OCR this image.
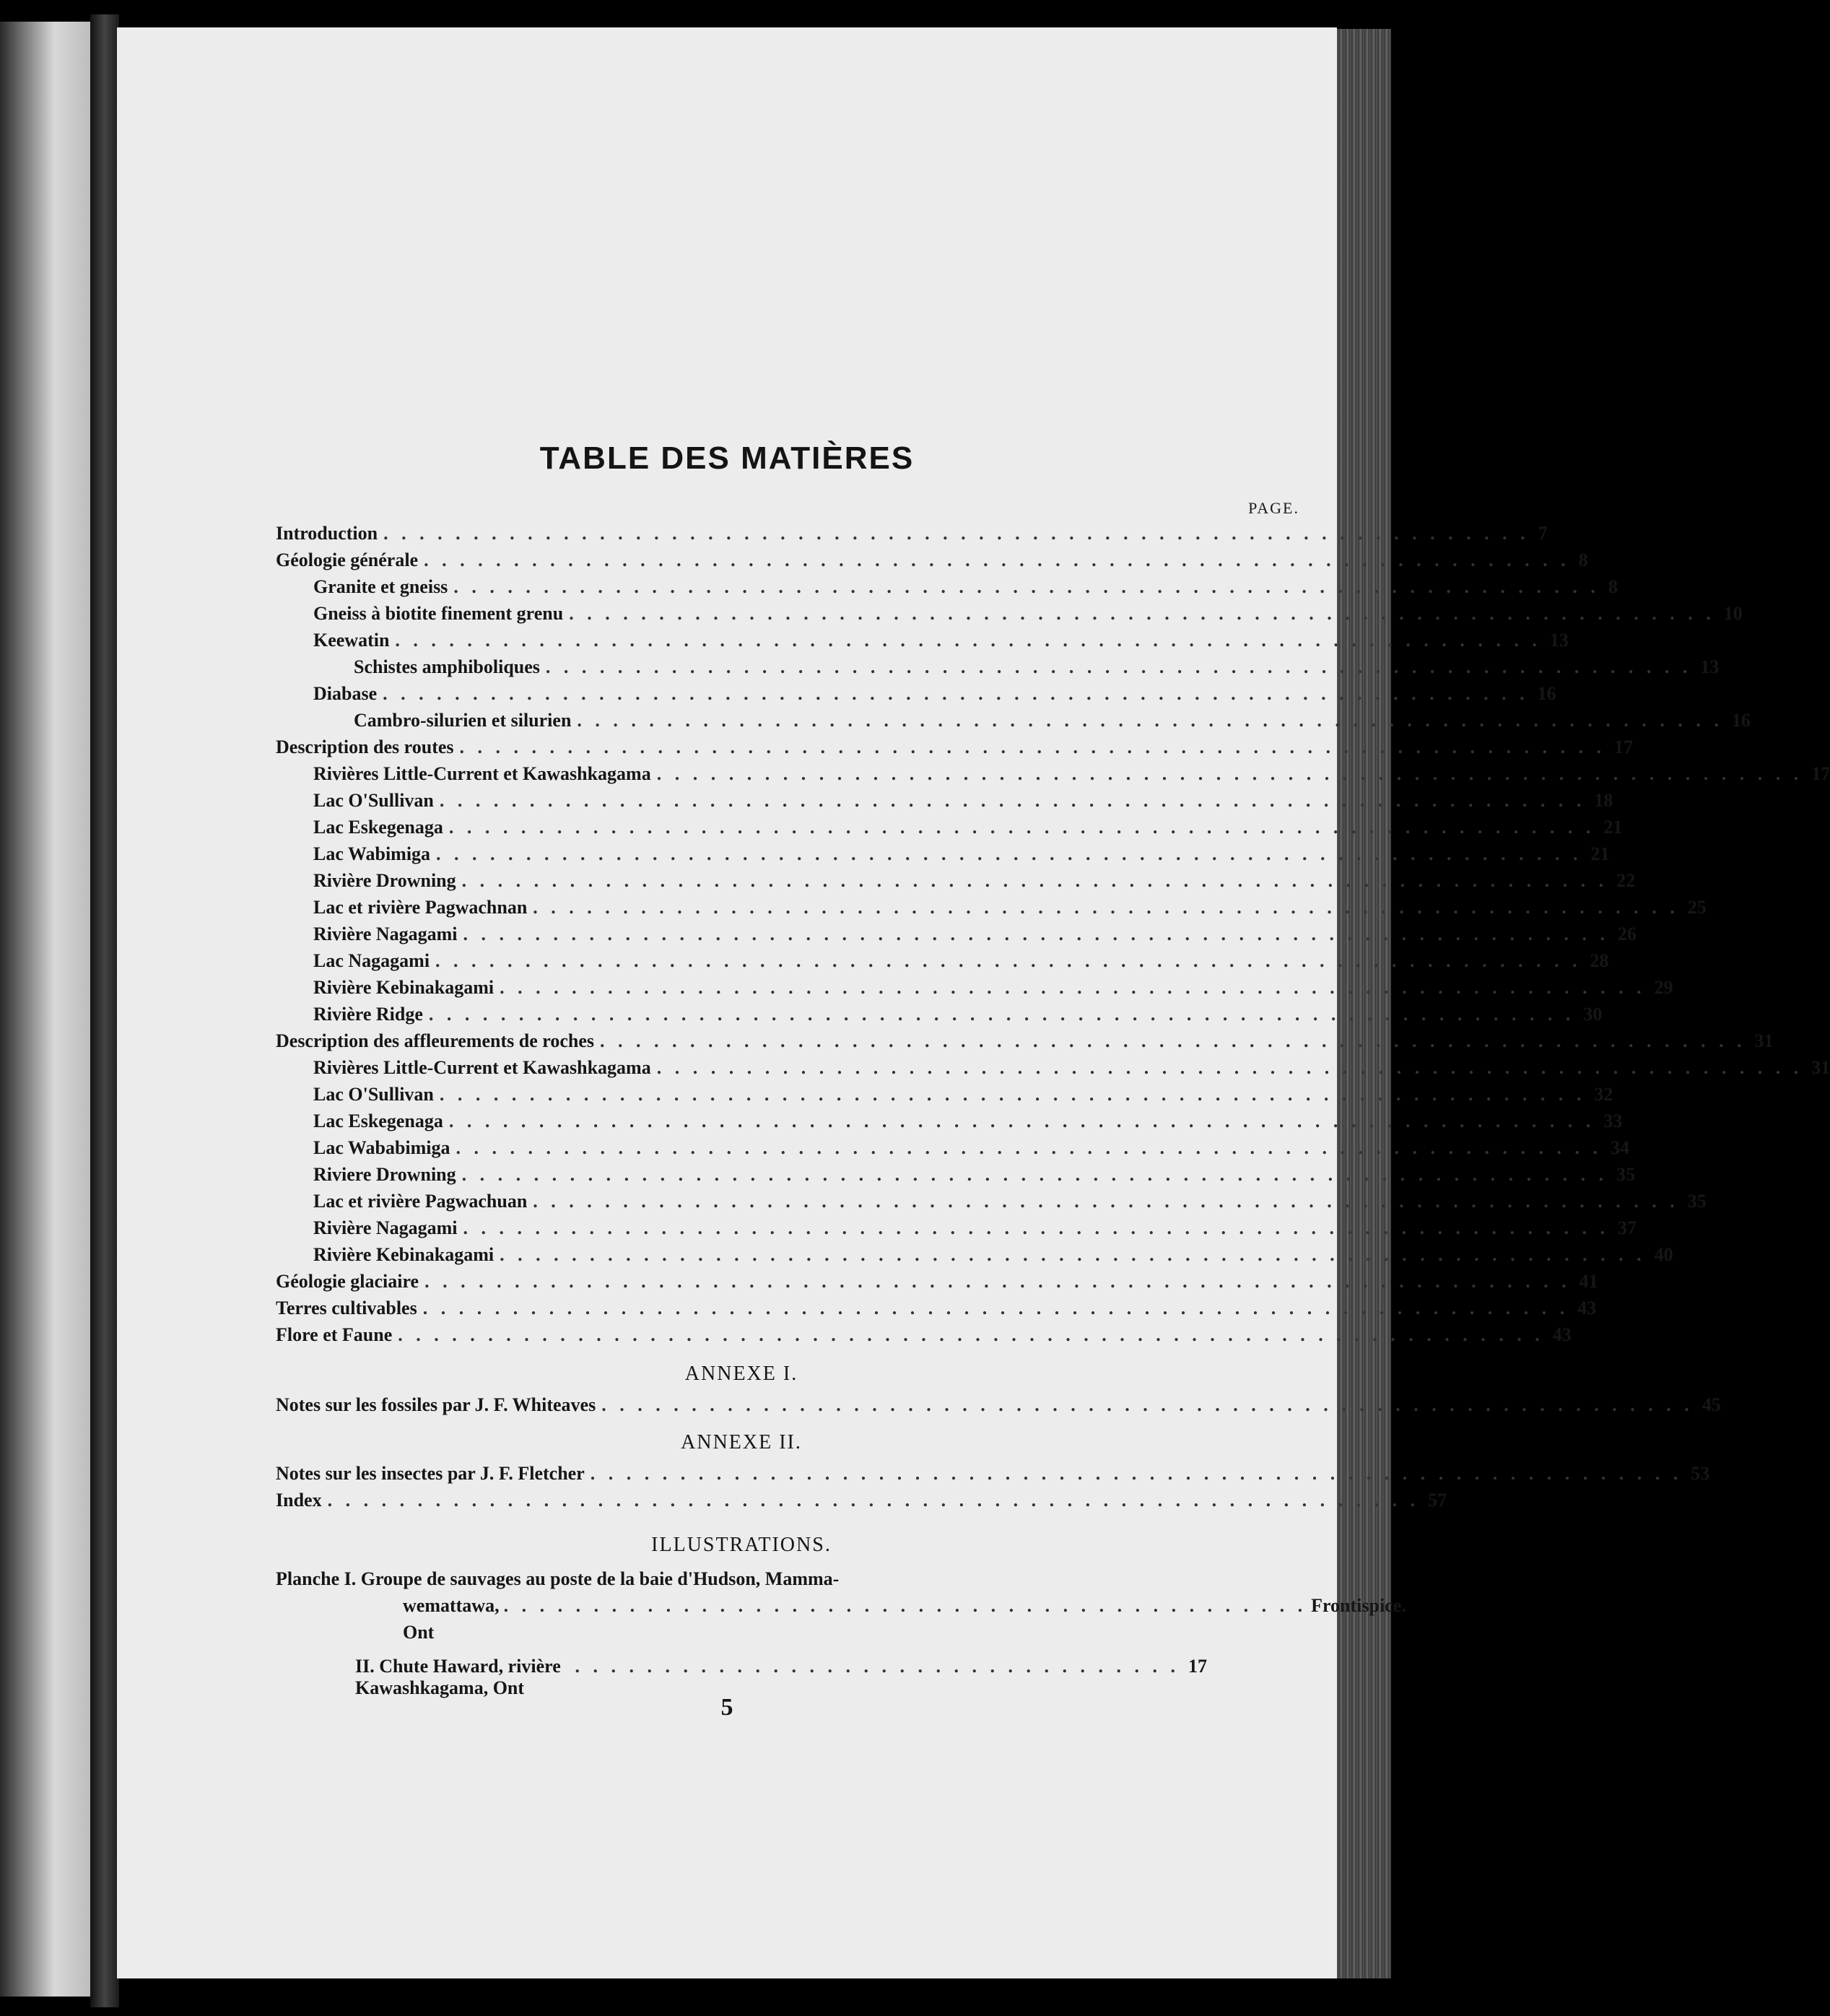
TABLE DES MATIÈRES
PAGE.
Introduction . . . . . . . . . . . . . . . . . . . . . . . . . . . . . . . . . . . . . . . . . . . . . . . . . . . . . . . . . . . . . . . . 7
Géologie générale . . . . . . . . . . . . . . . . . . . . . . . . . . . . . . . . . . . . . . . . . . . . . . . . . . . . . . . . . . . . . . . . 8
Granite et gneiss . . . . . . . . . . . . . . . . . . . . . . . . . . . . . . . . . . . . . . . . . . . . . . . . . . . . . . . . . . . . . . . . 8
Gneiss à biotite finement grenu . . . . . . . . . . . . . . . . . . . . . . . . . . . . . . . . . . . . . . . . . . . . . . . . . . . . . . . . . . . . . . . . 10
Keewatin . . . . . . . . . . . . . . . . . . . . . . . . . . . . . . . . . . . . . . . . . . . . . . . . . . . . . . . . . . . . . . . . 13
Schistes amphiboliques . . . . . . . . . . . . . . . . . . . . . . . . . . . . . . . . . . . . . . . . . . . . . . . . . . . . . . . . . . . . . . . . 13
Diabase . . . . . . . . . . . . . . . . . . . . . . . . . . . . . . . . . . . . . . . . . . . . . . . . . . . . . . . . . . . . . . . . 16
Cambro-silurien et silurien . . . . . . . . . . . . . . . . . . . . . . . . . . . . . . . . . . . . . . . . . . . . . . . . . . . . . . . . . . . . . . . . 16
Description des routes . . . . . . . . . . . . . . . . . . . . . . . . . . . . . . . . . . . . . . . . . . . . . . . . . . . . . . . . . . . . . . . . 17
Rivières Little-Current et Kawashkagama . . . . . . . . . . . . . . . . . . . . . . . . . . . . . . . . . . . . . . . . . . . . . . . . . . . . . . . . . . . . . . . . 17
Lac O'Sullivan . . . . . . . . . . . . . . . . . . . . . . . . . . . . . . . . . . . . . . . . . . . . . . . . . . . . . . . . . . . . . . . . 18
Lac Eskegenaga . . . . . . . . . . . . . . . . . . . . . . . . . . . . . . . . . . . . . . . . . . . . . . . . . . . . . . . . . . . . . . . . 21
Lac Wabimiga . . . . . . . . . . . . . . . . . . . . . . . . . . . . . . . . . . . . . . . . . . . . . . . . . . . . . . . . . . . . . . . . 21
Rivière Drowning . . . . . . . . . . . . . . . . . . . . . . . . . . . . . . . . . . . . . . . . . . . . . . . . . . . . . . . . . . . . . . . . 22
Lac et rivière Pagwachnan . . . . . . . . . . . . . . . . . . . . . . . . . . . . . . . . . . . . . . . . . . . . . . . . . . . . . . . . . . . . . . . . 25
Rivière Nagagami . . . . . . . . . . . . . . . . . . . . . . . . . . . . . . . . . . . . . . . . . . . . . . . . . . . . . . . . . . . . . . . . 26
Lac Nagagami . . . . . . . . . . . . . . . . . . . . . . . . . . . . . . . . . . . . . . . . . . . . . . . . . . . . . . . . . . . . . . . . 28
Rivière Kebinakagami . . . . . . . . . . . . . . . . . . . . . . . . . . . . . . . . . . . . . . . . . . . . . . . . . . . . . . . . . . . . . . . . 29
Rivière Ridge . . . . . . . . . . . . . . . . . . . . . . . . . . . . . . . . . . . . . . . . . . . . . . . . . . . . . . . . . . . . . . . . 30
Description des affleurements de roches . . . . . . . . . . . . . . . . . . . . . . . . . . . . . . . . . . . . . . . . . . . . . . . . . . . . . . . . . . . . . . . . 31
Rivières Little-Current et Kawashkagama . . . . . . . . . . . . . . . . . . . . . . . . . . . . . . . . . . . . . . . . . . . . . . . . . . . . . . . . . . . . . . . . 31
Lac O'Sullivan . . . . . . . . . . . . . . . . . . . . . . . . . . . . . . . . . . . . . . . . . . . . . . . . . . . . . . . . . . . . . . . . 32
Lac Eskegenaga . . . . . . . . . . . . . . . . . . . . . . . . . . . . . . . . . . . . . . . . . . . . . . . . . . . . . . . . . . . . . . . . 33
Lac Wababimiga . . . . . . . . . . . . . . . . . . . . . . . . . . . . . . . . . . . . . . . . . . . . . . . . . . . . . . . . . . . . . . . . 34
Riviere Drowning . . . . . . . . . . . . . . . . . . . . . . . . . . . . . . . . . . . . . . . . . . . . . . . . . . . . . . . . . . . . . . . . 35
Lac et rivière Pagwachuan . . . . . . . . . . . . . . . . . . . . . . . . . . . . . . . . . . . . . . . . . . . . . . . . . . . . . . . . . . . . . . . . 35
Rivière Nagagami . . . . . . . . . . . . . . . . . . . . . . . . . . . . . . . . . . . . . . . . . . . . . . . . . . . . . . . . . . . . . . . . 37
Rivière Kebinakagami . . . . . . . . . . . . . . . . . . . . . . . . . . . . . . . . . . . . . . . . . . . . . . . . . . . . . . . . . . . . . . . . 40
Géologie glaciaire . . . . . . . . . . . . . . . . . . . . . . . . . . . . . . . . . . . . . . . . . . . . . . . . . . . . . . . . . . . . . . . . 41
Terres cultivables . . . . . . . . . . . . . . . . . . . . . . . . . . . . . . . . . . . . . . . . . . . . . . . . . . . . . . . . . . . . . . . . 43
Flore et Faune . . . . . . . . . . . . . . . . . . . . . . . . . . . . . . . . . . . . . . . . . . . . . . . . . . . . . . . . . . . . . . . . 43
ANNEXE I.
Notes sur les fossiles par J. F. Whiteaves . . . . . . . . . . . . . . . . . . . . . . . . . . . . . . . . . . . . . . . . . . . . . . . . . . . . . . . . . . . . . 45
ANNEXE II.
Notes sur les insectes par J. F. Fletcher . . . . . . . . . . . . . . . . . . . . . . . . . . . . . . . . . . . . . . . . . . . . . . . . . . . . . . . . . . . . . 53
Index . . . . . . . . . . . . . . . . . . . . . . . . . . . . . . . . . . . . . . . . . . . . . . . . . . . . . . . . . . . . . 57
ILLUSTRATIONS.
Planche I. Groupe de sauvages au poste de la baie d'Hudson, Mamma-
wemattawa, Ont
. . . . . . . . . . . . . . . . . . . . . . . . . . . . . . . . . . . . . . . . . . . . . Frontispice.
II. Chute Haward, rivière Kawashkagama, Ont
. . . . . . . . . . . . . . . . . . . . . . . . . . . . . . . . . . 17
5
